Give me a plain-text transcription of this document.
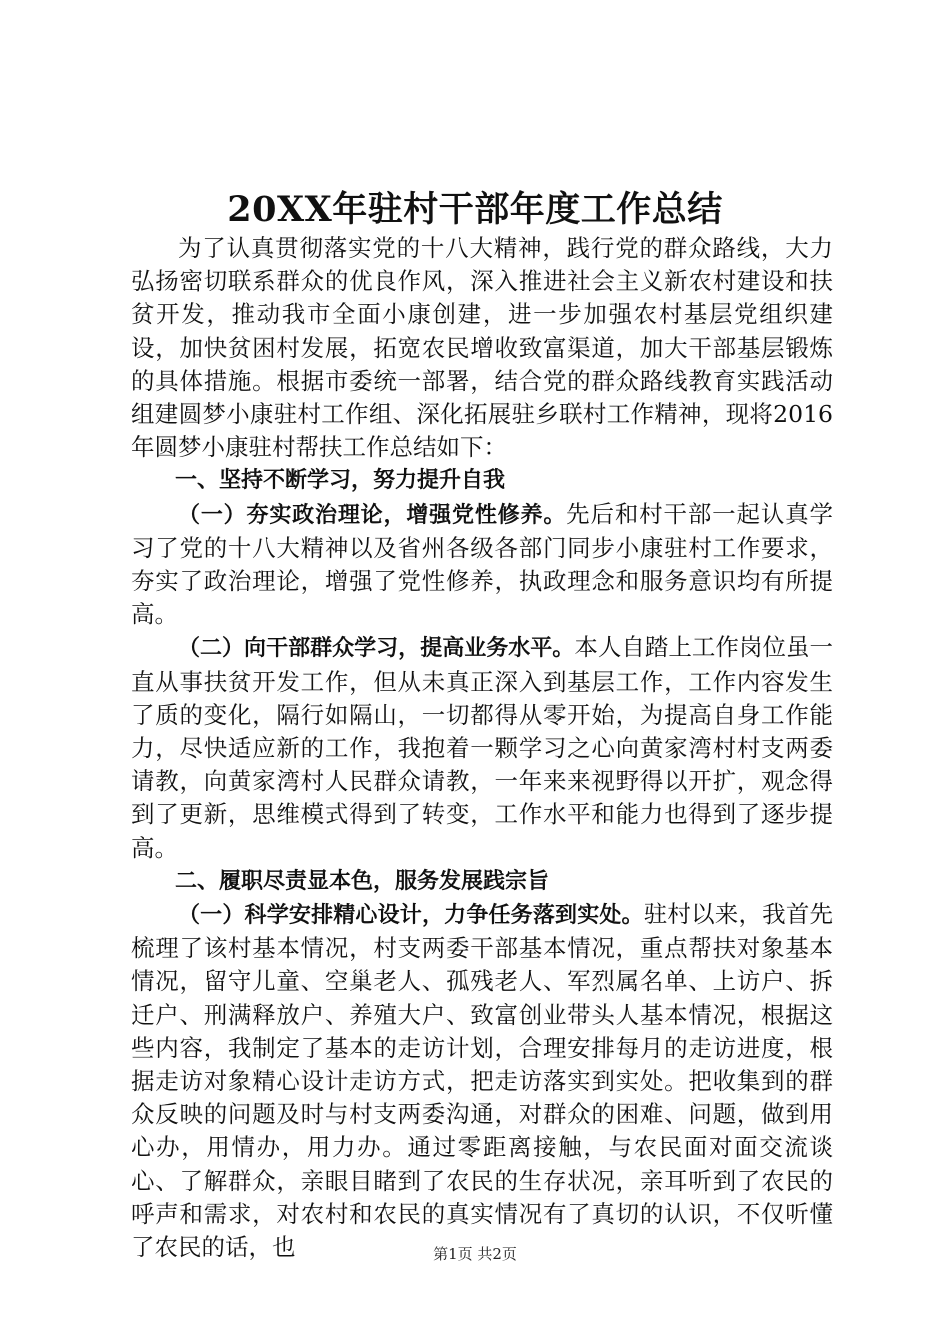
20XX年驻村干部年度工作总结

为了认真贯彻落实党的十八大精神，践行党的群众路线，大力弘扬密切联系群众的优良作风，深入推进社会主义新农村建设和扶贫开发，推动我市全面小康创建，进一步加强农村基层党组织建设，加快贫困村发展，拓宽农民增收致富渠道，加大干部基层锻炼的具体措施。根据市委统一部署，结合党的群众路线教育实践活动组建圆梦小康驻村工作组、深化拓展驻乡联村工作精神，现将2016年圆梦小康驻村帮扶工作总结如下：

一、坚持不断学习，努力提升自我

（一）夯实政治理论，增强党性修养。先后和村干部一起认真学习了党的十八大精神以及省州各级各部门同步小康驻村工作要求，夯实了政治理论，增强了党性修养，执政理念和服务意识均有所提高。

（二）向干部群众学习，提高业务水平。本人自踏上工作岗位虽一直从事扶贫开发工作，但从未真正深入到基层工作，工作内容发生了质的变化，隔行如隔山，一切都得从零开始，为提高自身工作能力，尽快适应新的工作，我抱着一颗学习之心向黄家湾村村支两委请教，向黄家湾村人民群众请教，一年来来视野得以开扩，观念得到了更新，思维模式得到了转变，工作水平和能力也得到了逐步提高。

二、履职尽责显本色，服务发展践宗旨

（一）科学安排精心设计，力争任务落到实处。驻村以来，我首先梳理了该村基本情况，村支两委干部基本情况，重点帮扶对象基本情况，留守儿童、空巢老人、孤残老人、军烈属名单、上访户、拆迁户、刑满释放户、养殖大户、致富创业带头人基本情况，根据这些内容，我制定了基本的走访计划，合理安排每月的走访进度，根据走访对象精心设计走访方式，把走访落实到实处。把收集到的群众反映的问题及时与村支两委沟通，对群众的困难、问题，做到用心办，用情办，用力办。通过零距离接触，与农民面对面交流谈心、了解群众，亲眼目睹到了农民的生存状况，亲耳听到了农民的呼声和需求，对农村和农民的真实情况有了真切的认识，不仅听懂了农民的话，也	第1页 共2页
